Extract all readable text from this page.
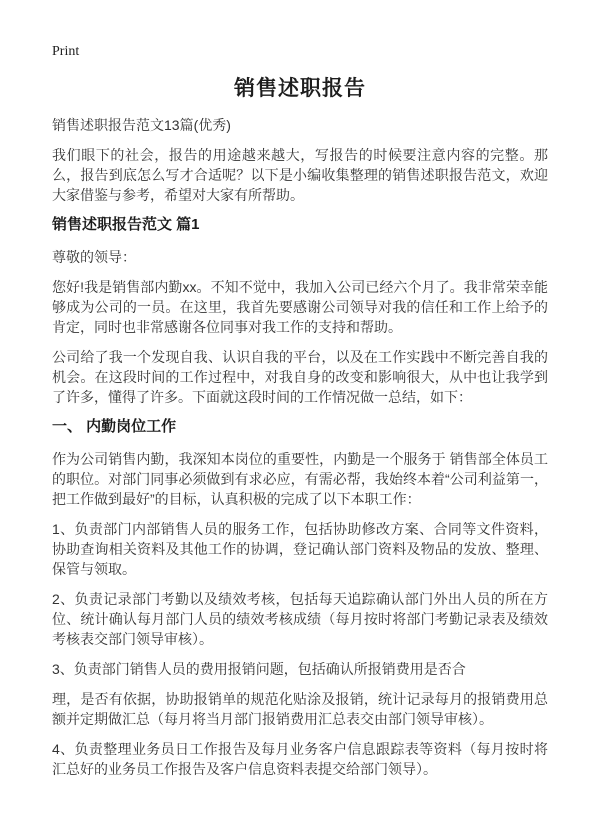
Print
销售述职报告

销售述职报告范文13篇(优秀)

我们眼下的社会，报告的用途越来越大，写报告的时候要注意内容的完整。那么，报告到底怎么写才合适呢？以下是小编收集整理的销售述职报告范文，欢迎大家借鉴与参考，希望对大家有所帮助。

销售述职报告范文 篇1

尊敬的领导：

您好!我是销售部内勤xx。不知不觉中，我加入公司已经六个月了。我非常荣幸能够成为公司的一员。在这里，我首先要感谢公司领导对我的信任和工作上给予的肯定，同时也非常感谢各位同事对我工作的支持和帮助。

公司给了我一个发现自我、认识自我的平台，以及在工作实践中不断完善自我的机会。在这段时间的工作过程中，对我自身的改变和影响很大，从中也让我学到了许多，懂得了许多。下面就这段时间的工作情况做一总结，如下：

一、 内勤岗位工作

作为公司销售内勤，我深知本岗位的重要性，内勤是一个服务于 销售部全体员工的职位。对部门同事必须做到有求必应，有需必帮，我始终本着“公司利益第一，把工作做到最好”的目标，认真积极的完成了以下本职工作：

1、负责部门内部销售人员的服务工作，包括协助修改方案、合同等文件资料，协助查询相关资料及其他工作的协调，登记确认部门资料及物品的发放、整理、保管与领取。

2、负责记录部门考勤以及绩效考核，包括每天追踪确认部门外出人员的所在方位、统计确认每月部门人员的绩效考核成绩（每月按时将部门考勤记录表及绩效考核表交部门领导审核）。

3、负责部门销售人员的费用报销问题，包括确认所报销费用是否合

理，是否有依据，协助报销单的规范化贴涂及报销，统计记录每月的报销费用总额并定期做汇总（每月将当月部门报销费用汇总表交由部门领导审核）。

4、负责整理业务员日工作报告及每月业务客户信息跟踪表等资料（每月按时将汇总好的业务员工作报告及客户信息资料表提交给部门领导）。
